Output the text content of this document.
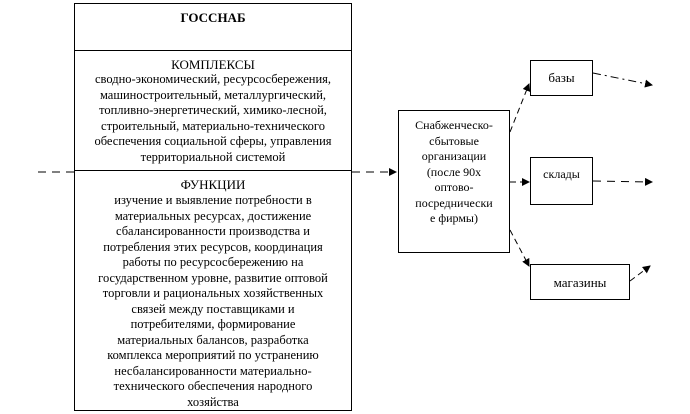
ГОССНАБ
КОМПЛЕКСЫ
сводно-экономический, ресурсосбережения,
машиностроительный, металлургический,
топливно-энергетический, химико-лесной,
строительный, материально-технического
обеспечения социальной сферы, управления
территориальной системой
ФУНКЦИИ
изучение и выявление потребности в
материальных ресурсах, достижение
сбалансированности производства и
потребления этих ресурсов, координация
работы по ресурсосбережению на
государственном уровне, развитие оптовой
торговли и рациональных хозяйственных
связей между поставщиками и
потребителями, формирование
материальных балансов, разработка
комплекса мероприятий по устранению
несбалансированности материально-
технического обеспечения народного
хозяйства
Снабженческо-
сбытовые
организации
(после 90х
оптово-
посреднически
е фирмы)
базы
склады
магазины
